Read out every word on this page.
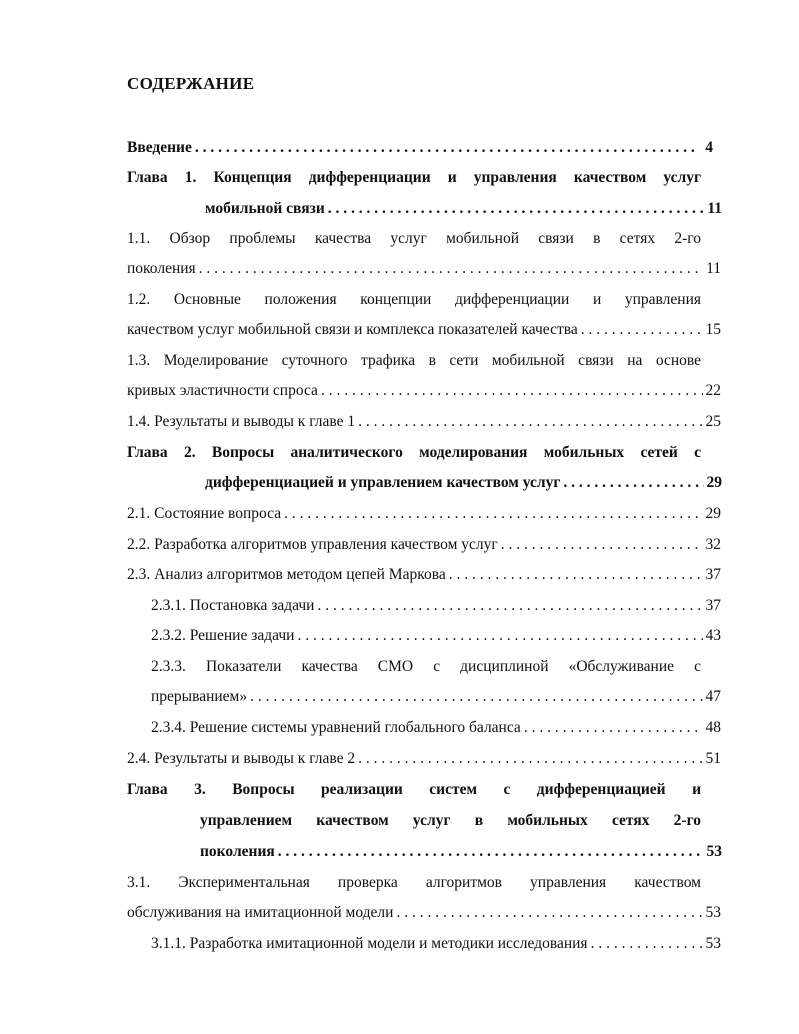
СОДЕРЖАНИЕ
Введение . . .	4
Глава 1. Концепция дифференциации и управления качеством услуг
мобильной связи . . .	11
1.1. Обзор проблемы качества услуг мобильной связи в сетях 2-го
поколения . . .	11
1.2. Основные положения концепции дифференциации и управления
качеством услуг мобильной связи и комплекса показателей качества . . .	15
1.3. Моделирование суточного трафика в сети мобильной связи на основе
кривых эластичности спроса . . .	22
1.4. Результаты и выводы к главе 1 . . .	25
Глава 2. Вопросы аналитического моделирования мобильных сетей с
дифференциацией и управлением качеством услуг . . .	29
2.1. Состояние вопроса . . .	29
2.2. Разработка алгоритмов управления качеством услуг . . .	32
2.3. Анализ алгоритмов методом цепей Маркова . . .	37
2.3.1. Постановка задачи . . .	37
2.3.2. Решение задачи . . .	43
2.3.3. Показатели качества СМО с дисциплиной «Обслуживание с
прерыванием» . . .	47
2.3.4. Решение системы уравнений глобального баланса . . .	48
2.4. Результаты и выводы к главе 2 . . .	51
Глава 3. Вопросы реализации систем с дифференциацией и
управлением качеством услуг в мобильных сетях 2-го
поколения . . .	53
3.1. Экспериментальная проверка алгоритмов управления качеством
обслуживания на имитационной модели . . .	53
3.1.1. Разработка имитационной модели и методики исследования . . .	53
